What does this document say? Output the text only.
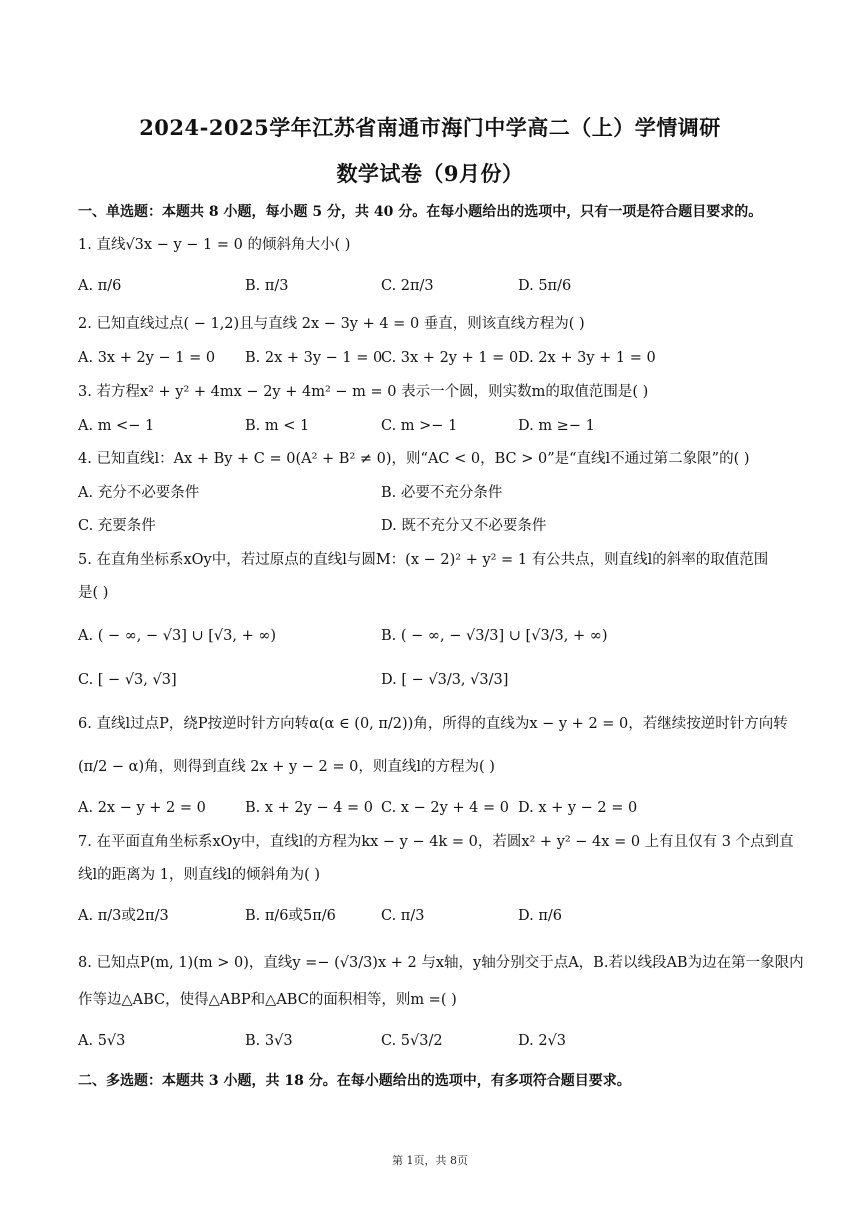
2024-2025学年江苏省南通市海门中学高二（上）学情调研
数学试卷（9月份）
一、单选题：本题共 8 小题，每小题 5 分，共 40 分。在每小题给出的选项中，只有一项是符合题目要求的。
1. 直线√3x − y − 1 = 0 的倾斜角大小( )
A. π/6	B. π/3	C. 2π/3	D. 5π/6
2. 已知直线过点( − 1,2)且与直线 2x − 3y + 4 = 0 垂直，则该直线方程为( )
A. 3x + 2y − 1 = 0 B. 2x + 3y − 1 = 0
C. 3x + 2y + 1 = 0 D. 2x + 3y + 1 = 0
3. 若方程x² + y² + 4mx − 2y + 4m² − m = 0 表示一个圆，则实数m的取值范围是( )
A. m <− 1	B. m < 1	C. m >− 1	D. m ≥− 1
4. 已知直线l：Ax + By + C = 0(A² + B² ≠ 0)，则“AC < 0，BC > 0”是“直线l不通过第二象限”的( )
A. 充分不必要条件	B. 必要不充分条件
C. 充要条件	D. 既不充分又不必要条件
5. 在直角坐标系xOy中，若过原点的直线l与圆M：(x − 2)² + y² = 1 有公共点，则直线l的斜率的取值范围
是( )
A. ( − ∞, − √3] ∪ [√3, + ∞)	B. ( − ∞, − √3/3] ∪ [√3/3, + ∞)
C. [ − √3, √3]	D. [ − √3/3, √3/3]
6. 直线l过点P，绕P按逆时针方向转α(α ∈ (0, π/2))角，所得的直线为x − y + 2 = 0，若继续按逆时针方向转
(π/2 − α)角，则得到直线 2x + y − 2 = 0，则直线l的方程为( )
A. 2x − y + 2 = 0	B. x + 2y − 4 = 0 C. x − 2y + 4 = 0 D. x + y − 2 = 0
7. 在平面直角坐标系xOy中，直线l的方程为kx − y − 4k = 0，若圆x² + y² − 4x = 0 上有且仅有 3 个点到直
线l的距离为 1，则直线l的倾斜角为( )
A. π/3或2π/3	B. π/6或5π/6	C. π/3	D. π/6
8. 已知点P(m, 1)(m > 0)，直线y =− (√3/3)x + 2 与x轴，y轴分别交于点A，B.若以线段AB为边在第一象限内
作等边△ABC，使得△ABP和△ABC的面积相等，则m =( )
A. 5√3	B. 3√3	C. 5√3/2	D. 2√3
二、多选题：本题共 3 小题，共 18 分。在每小题给出的选项中，有多项符合题目要求。
第 1页，共 8页
